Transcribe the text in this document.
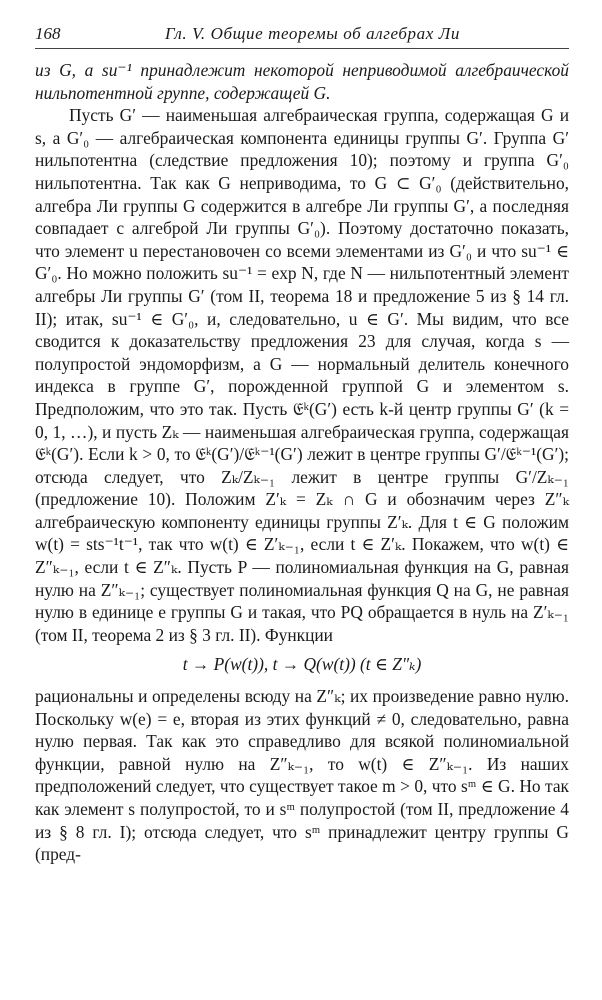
168	Гл. V. Общие теоремы об алгебрах Ли

из G, а su⁻¹ принадлежит некоторой неприводимой алгебраической нильпотентной группе, содержащей G.

Пусть G′ — наименьшая алгебраическая группа, содержащая G и s, а G′₀ — алгебраическая компонента единицы группы G′. Группа G′ нильпотентна (следствие предложения 10); поэтому и группа G′₀ нильпотентна. Так как G неприводима, то G ⊂ G′₀ (действительно, алгебра Ли группы G содержится в алгебре Ли группы G′, а последняя совпадает с алгеброй Ли группы G′₀). Поэтому достаточно показать, что элемент u перестановочен со всеми элементами из G′₀ и что su⁻¹ ∈ G′₀. Но можно положить su⁻¹ = exp N, где N — нильпотентный элемент алгебры Ли группы G′ (том II, теорема 18 и предложение 5 из § 14 гл. II); итак, su⁻¹ ∈ G′₀, и, следовательно, u ∈ G′. Мы видим, что все сводится к доказательству предложения 23 для случая, когда s — полупростой эндоморфизм, а G — нормальный делитель конечного индекса в группе G′, порожденной группой G и элементом s. Предположим, что это так. Пусть 𝔈ᵏ(G′) есть k-й центр группы G′ (k = 0, 1, …), и пусть Zₖ — наименьшая алгебраическая группа, содержащая 𝔈ᵏ(G′). Если k > 0, то 𝔈ᵏ(G′)/𝔈ᵏ⁻¹(G′) лежит в центре группы G′/𝔈ᵏ⁻¹(G′); отсюда следует, что Zₖ/Zₖ₋₁ лежит в центре группы G′/Zₖ₋₁ (предложение 10). Положим Z′ₖ = Zₖ ∩ G и обозначим через Z″ₖ алгебраическую компоненту единицы группы Z′ₖ. Для t ∈ G положим w(t) = sts⁻¹t⁻¹, так что w(t) ∈ Z′ₖ₋₁, если t ∈ Z′ₖ. Покажем, что w(t) ∈ Z″ₖ₋₁, если t ∈ Z″ₖ. Пусть P — полиномиальная функция на G, равная нулю на Z″ₖ₋₁; существует полиномиальная функция Q на G, не равная нулю в единице e группы G и такая, что PQ обращается в нуль на Z′ₖ₋₁ (том II, теорема 2 из § 3 гл. II). Функции

t → P(w(t)), t → Q(w(t)) (t ∈ Z″ₖ)

рациональны и определены всюду на Z″ₖ; их произведение равно нулю. Поскольку w(e) = e, вторая из этих функций ≠ 0, следовательно, равна нулю первая. Так как это справедливо для всякой полиномиальной функции, равной нулю на Z″ₖ₋₁, то w(t) ∈ Z″ₖ₋₁. Из наших предположений следует, что существует такое m > 0, что sᵐ ∈ G. Но так как элемент s полупростой, то и sᵐ полупростой (том II, предложение 4 из § 8 гл. I); отсюда следует, что sᵐ принадлежит центру группы G (пред-
